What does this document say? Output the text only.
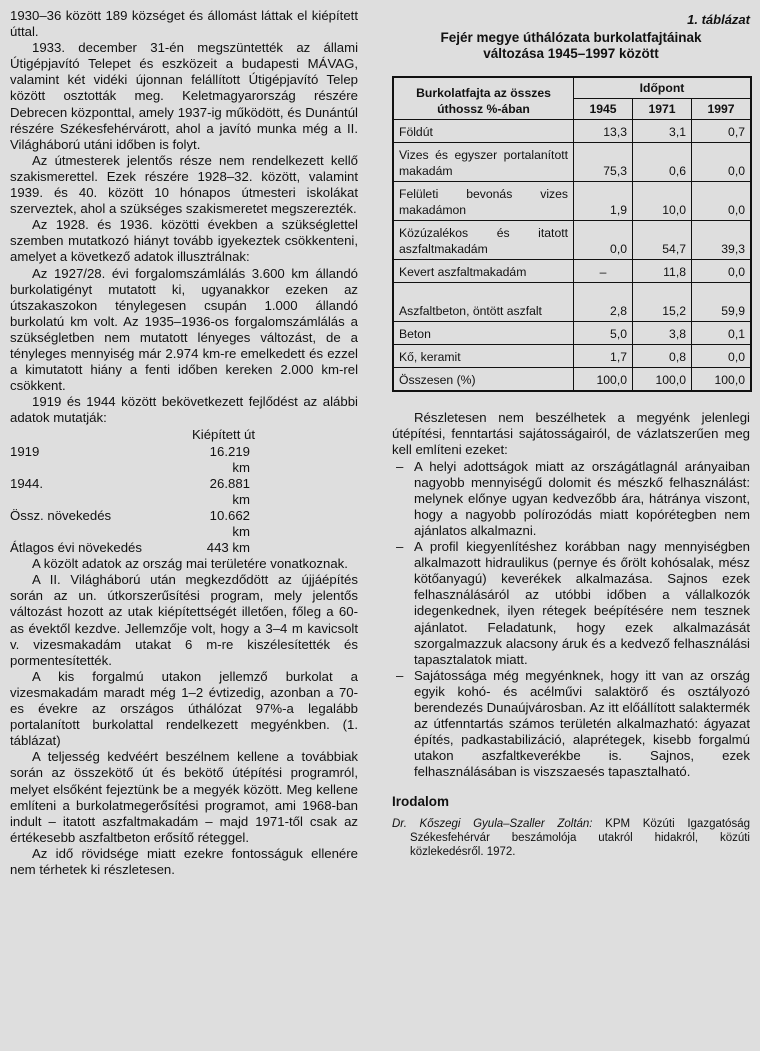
1930–36 között 189 községet és állomást láttak el kiépített úttal.

1933. december 31-én megszüntették az állami Útigépjavító Telepet és eszközeit a budapesti MÁVAG, valamint két vidéki újonnan felállított Útigépjavító Telep között osztották meg. Keletmagyarország részére Debrecen központtal, amely 1937-ig működött, és Dunántúl részére Székesfehérvárott, ahol a javító munka még a II. Világháború utáni időben is folyt.

Az útmesterek jelentős része nem rendelkezett kellő szakismerettel. Ezek részére 1928–32. között, valamint 1939. és 40. között 10 hónapos útmesteri iskolákat szerveztek, ahol a szükséges szakismeretet megszerezték.

Az 1928. és 1936. közötti években a szükséglettel szemben mutatkozó hiányt tovább igyekeztek csökkenteni, amelyet a következő adatok illusztrálnak:

Az 1927/28. évi forgalomszámlálás 3.600 km állandó burkolatigényt mutatott ki, ugyanakkor ezeken az útszakaszokon ténylegesen csupán 1.000 állandó burkolatú km volt. Az 1935–1936-os forgalomszámlálás a szükségletben nem mutatott lényeges változást, de a tényleges mennyiség már 2.974 km-re emelkedett és ezzel a kimutatott hiány a fenti időben kereken 2.000 km-rel csökkent.

1919 és 1944 között bekövetkezett fejlődést az alábbi adatok mutatják:

Kiépített út
1919	16.219 km
1944.	26.881 km
Össz. növekedés	10.662 km
Átlagos évi növekedés	443 km

A közölt adatok az ország mai területére vonatkoznak.

A II. Világháború után megkezdődött az újjáépítés során az un. útkorszerűsítési program, mely jelentős változást hozott az utak kiépítettségét illetően, főleg a 60-as évektől kezdve. Jellemzője volt, hogy a 3–4 m kavicsolt v. vizesmakadám utakat 6 m-re kiszélesítették és pormentesítették.

A kis forgalmú utakon jellemző burkolat a vizesmakadám maradt még 1–2 évtizedig, azonban a 70-es évekre az országos úthálózat 97%-a legalább portalanított burkolattal rendelkezett megyénkben. (1. táblázat)

A teljesség kedvéért beszélnem kellene a továbbiak során az összekötő út és bekötő útépítési programról, melyet elsőként fejeztünk be a megyék között. Meg kellene említeni a burkolatmegerősítési programot, ami 1968-ban indult – itatott aszfaltmakadám – majd 1971-től csak az értékesebb aszfaltbeton erősítő réteggel.

Az idő rövidsége miatt ezekre fontosságuk ellenére nem térhetek ki részletesen.

1. táblázat
Fejér megye úthálózata burkolatfajtáinak
változása 1945–1997 között
Burkolatfajta az összes úthossz %-ában	Időpont		
	1945	1971	1997
Földút	13,3	3,1	0,7
Vizes és egyszer portalanított makadám	75,3	0,6	0,0
Felületi bevonás vizes makadámon	1,9	10,0	0,0
Közúzalékos és itatott aszfaltmakadám	0,0	54,7	39,3
Kevert aszfaltmakadám	–	11,8	0,0
Aszfaltbeton, öntött aszfalt	2,8	15,2	59,9
Beton	5,0	3,8	0,1
Kő, keramit	1,7	0,8	0,0
Összesen (%)	100,0	100,0	100,0

Részletesen nem beszélhetek a megyénk jelenlegi útépítési, fenntartási sajátosságairól, de vázlatszerűen meg kell említeni ezeket:

– A helyi adottságok miatt az országátlagnál arányaiban nagyobb mennyiségű dolomit és mészkő felhasználást: melynek előnye ugyan kedvezőbb ára, hátránya viszont, hogy a nagyobb polírozódás miatt kopórétegben nem ajánlatos alkalmazni.
– A profil kiegyenlítéshez korábban nagy mennyiségben alkalmazott hidraulikus (pernye és őrölt kohósalak, mész kötőanyagú) keverékek alkalmazása. Sajnos ezek felhasználásáról az utóbbi időben a vállalkozók idegenkednek, ilyen rétegek beépítésére nem tesznek ajánlatot. Feladatunk, hogy ezek alkalmazását szorgalmazzuk alacsony áruk és a kedvező felhasználási tapasztalatok miatt.
– Sajátossága még megyénknek, hogy itt van az ország egyik kohó- és acélművi salaktörő és osztályozó berendezés Dunaújvárosban. Az itt előállított salaktermék az útfenntartás számos területén alkalmazható: ágyazat építés, padkastabilizáció, alaprétegek, kisebb forgalmú utakon aszfaltkeverékbe is. Sajnos, ezek felhasználásában is viszszaesés tapasztalható.
Irodalom
Dr. Kőszegi Gyula–Szaller Zoltán: KPM Közúti Igazgatóság Székesfehérvár beszámolója utakról hidakról, közúti közlekedésről. 1972.
